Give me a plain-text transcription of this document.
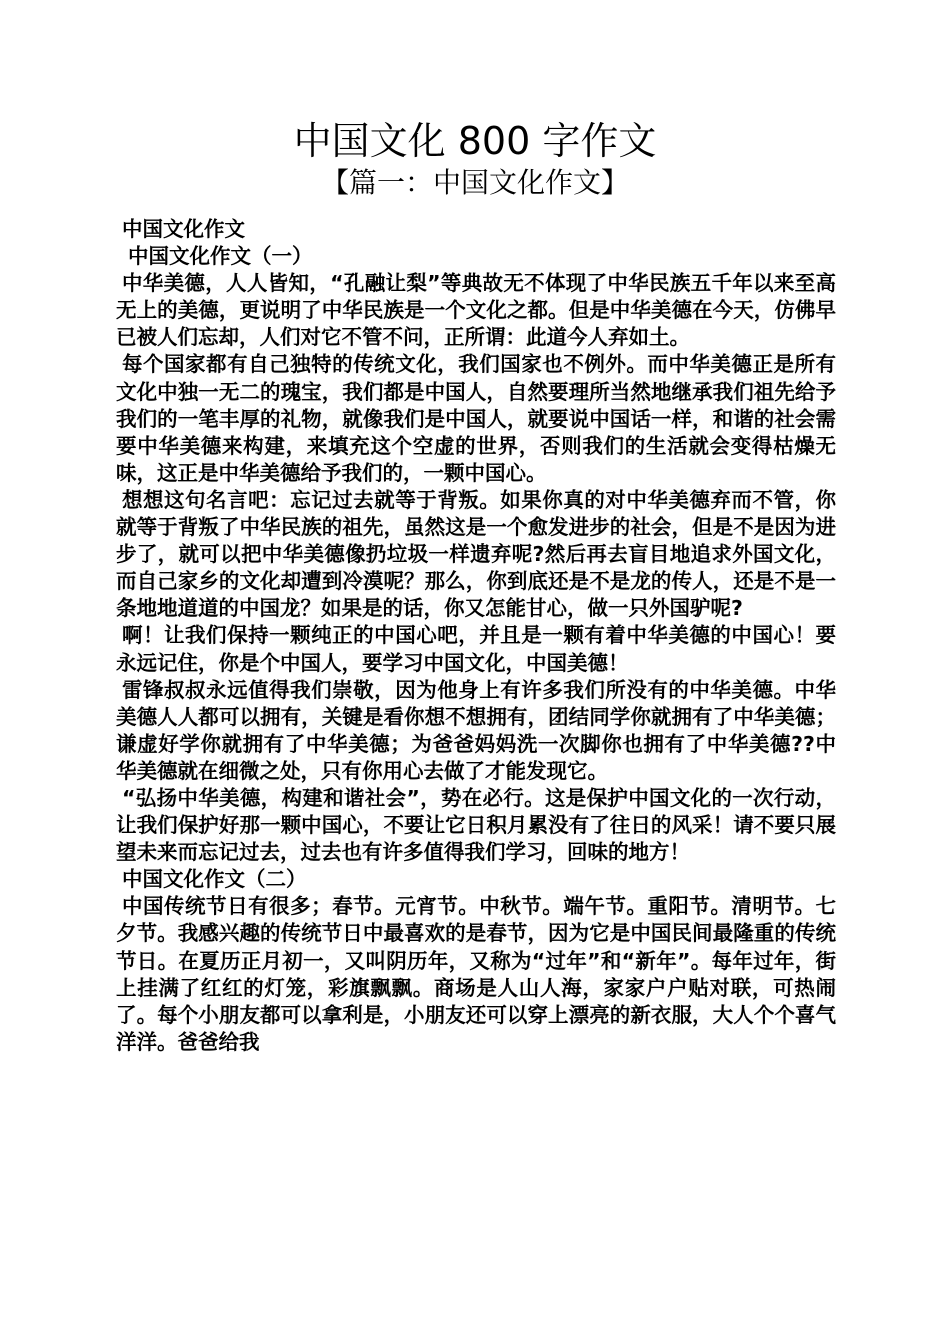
中国文化 800 字作文
【篇一：中国文化作文】

中国文化作文

中国文化作文（一）

中华美德，人人皆知，“孔融让梨”等典故无不体现了中华民族五千年以来至高无上的美德，更说明了中华民族是一个文化之都。但是中华美德在今天，仿佛早已被人们忘却，人们对它不管不问，正所谓：此道今人弃如土。

每个国家都有自己独特的传统文化，我们国家也不例外。而中华美德正是所有文化中独一无二的瑰宝，我们都是中国人，自然要理所当然地继承我们祖先给予我们的一笔丰厚的礼物，就像我们是中国人，就要说中国话一样，和谐的社会需要中华美德来构建，来填充这个空虚的世界，否则我们的生活就会变得枯燥无味，这正是中华美德给予我们的，一颗中国心。

想想这句名言吧：忘记过去就等于背叛。如果你真的对中华美德弃而不管，你就等于背叛了中华民族的祖先，虽然这是一个愈发进步的社会，但是不是因为进步了，就可以把中华美德像扔垃圾一样遗弃呢?然后再去盲目地追求外国文化，而自己家乡的文化却遭到冷漠呢？那么，你到底还是不是龙的传人，还是不是一条地地道道的中国龙？如果是的话，你又怎能甘心，做一只外国驴呢?

啊！让我们保持一颗纯正的中国心吧，并且是一颗有着中华美德的中国心！要永远记住，你是个中国人，要学习中国文化，中国美德！

雷锋叔叔永远值得我们崇敬，因为他身上有许多我们所没有的中华美德。中华美德人人都可以拥有，关键是看你想不想拥有，团结同学你就拥有了中华美德；谦虚好学你就拥有了中华美德；为爸爸妈妈洗一次脚你也拥有了中华美德??中华美德就在细微之处，只有你用心去做了才能发现它。

“弘扬中华美德，构建和谐社会”，势在必行。这是保护中国文化的一次行动，让我们保护好那一颗中国心，不要让它日积月累没有了往日的风采！请不要只展望未来而忘记过去，过去也有许多值得我们学习，回味的地方！

中国文化作文（二）

中国传统节日有很多；春节。元宵节。中秋节。端午节。重阳节。清明节。七夕节。我感兴趣的传统节日中最喜欢的是春节，因为它是中国民间最隆重的传统节日。在夏历正月初一，又叫阴历年，又称为“过年”和“新年”。每年过年，街上挂满了红红的灯笼，彩旗飘飘。商场是人山人海，家家户户贴对联，可热闹了。每个小朋友都可以拿利是，小朋友还可以穿上漂亮的新衣服，大人个个喜气洋洋。爸爸给我
